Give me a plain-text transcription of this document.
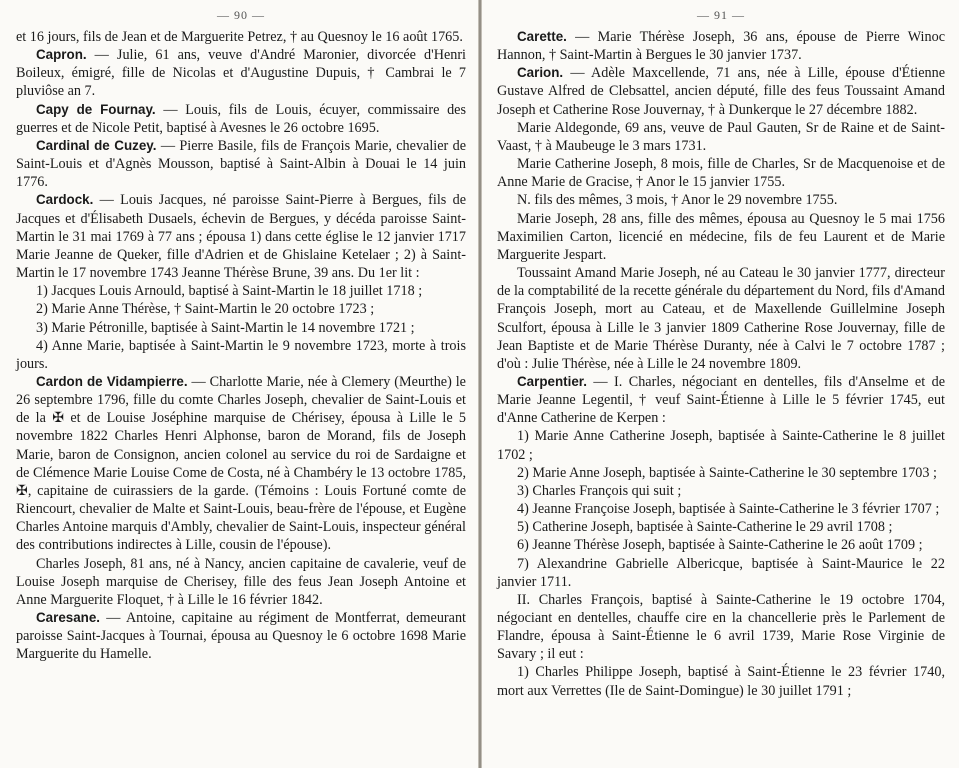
— 90 —

et 16 jours, fils de Jean et de Marguerite Petrez, † au Quesnoy le 16 août 1765.

Capron. — Julie, 61 ans, veuve d'André Maronier, divorcée d'Henri Boileux, émigré, fille de Nicolas et d'Augustine Dupuis, † Cambrai le 7 pluviôse an 7.

Capy de Fournay. — Louis, fils de Louis, écuyer, commissaire des guerres et de Nicole Petit, baptisé à Avesnes le 26 octobre 1695.

Cardinal de Cuzey. — Pierre Basile, fils de François Marie, chevalier de Saint-Louis et d'Agnès Mousson, baptisé à Saint-Albin à Douai le 14 juin 1776.

Cardock. — Louis Jacques, né paroisse Saint-Pierre à Bergues, fils de Jacques et d'Élisabeth Dusaels, échevin de Bergues, y décéda paroisse Saint-Martin le 31 mai 1769 à 77 ans ; épousa 1) dans cette église le 12 janvier 1717 Marie Jeanne de Queker, fille d'Adrien et de Ghislaine Ketelaer ; 2) à Saint-Martin le 17 novembre 1743 Jeanne Thérèse Brune, 39 ans. Du 1er lit :

1) Jacques Louis Arnould, baptisé à Saint-Martin le 18 juillet 1718 ;

2) Marie Anne Thérèse, † Saint-Martin le 20 octobre 1723 ;

3) Marie Pétronille, baptisée à Saint-Martin le 14 novembre 1721 ;

4) Anne Marie, baptisée à Saint-Martin le 9 novembre 1723, morte à trois jours.

Cardon de Vidampierre. — Charlotte Marie, née à Clemery (Meurthe) le 26 septembre 1796, fille du comte Charles Joseph, chevalier de Saint-Louis et de la ✠ et de Louise Joséphine marquise de Chérisey, épousa à Lille le 5 novembre 1822 Charles Henri Alphonse, baron de Morand, fils de Joseph Marie, baron de Consignon, ancien colonel au service du roi de Sardaigne et de Clémence Marie Louise Come de Costa, né à Chambéry le 13 octobre 1785, ✠, capitaine de cuirassiers de la garde. (Témoins : Louis Fortuné comte de Riencourt, chevalier de Malte et Saint-Louis, beau-frère de l'épouse, et Eugène Charles Antoine marquis d'Ambly, chevalier de Saint-Louis, inspecteur général des contributions indirectes à Lille, cousin de l'épouse).

Charles Joseph, 81 ans, né à Nancy, ancien capitaine de cavalerie, veuf de Louise Joseph marquise de Cherisey, fille des feus Jean Joseph Antoine et Anne Marguerite Floquet, † à Lille le 16 février 1842.

Caresane. — Antoine, capitaine au régiment de Montferrat, demeurant paroisse Saint-Jacques à Tournai, épousa au Quesnoy le 6 octobre 1698 Marie Marguerite du Hamelle.

— 91 —

Carette. — Marie Thérèse Joseph, 36 ans, épouse de Pierre Winoc Hannon, † Saint-Martin à Bergues le 30 janvier 1737.

Carion. — Adèle Maxcellende, 71 ans, née à Lille, épouse d'Étienne Gustave Alfred de Clebsattel, ancien député, fille des feus Toussaint Amand Joseph et Catherine Rose Jouvernay, † à Dunkerque le 27 décembre 1882.

Marie Aldegonde, 69 ans, veuve de Paul Gauten, Sr de Raine et de Saint-Vaast, † à Maubeuge le 3 mars 1731.

Marie Catherine Joseph, 8 mois, fille de Charles, Sr de Macquenoise et de Anne Marie de Gracise, † Anor le 15 janvier 1755.

N. fils des mêmes, 3 mois, † Anor le 29 novembre 1755.

Marie Joseph, 28 ans, fille des mêmes, épousa au Quesnoy le 5 mai 1756 Maximilien Carton, licencié en médecine, fils de feu Laurent et de Marie Marguerite Jespart.

Toussaint Amand Marie Joseph, né au Cateau le 30 janvier 1777, directeur de la comptabilité de la recette générale du département du Nord, fils d'Amand François Joseph, mort au Cateau, et de Maxellende Guillelmine Joseph Sculfort, épousa à Lille le 3 janvier 1809 Catherine Rose Jouvernay, fille de Jean Baptiste et de Marie Thérèse Duranty, née à Calvi le 7 octobre 1787 ; d'où : Julie Thérèse, née à Lille le 24 novembre 1809.

Carpentier. — I. Charles, négociant en dentelles, fils d'Anselme et de Marie Jeanne Legentil, † veuf Saint-Étienne à Lille le 5 février 1745, eut d'Anne Catherine de Kerpen :

1) Marie Anne Catherine Joseph, baptisée à Sainte-Catherine le 8 juillet 1702 ;

2) Marie Anne Joseph, baptisée à Sainte-Catherine le 30 septembre 1703 ;

3) Charles François qui suit ;

4) Jeanne Françoise Joseph, baptisée à Sainte-Catherine le 3 février 1707 ;

5) Catherine Joseph, baptisée à Sainte-Catherine le 29 avril 1708 ;

6) Jeanne Thérèse Joseph, baptisée à Sainte-Catherine le 26 août 1709 ;

7) Alexandrine Gabrielle Albericque, baptisée à Saint-Maurice le 22 janvier 1711.

II. Charles François, baptisé à Sainte-Catherine le 19 octobre 1704, négociant en dentelles, chauffe cire en la chancellerie près le Parlement de Flandre, épousa à Saint-Étienne le 6 avril 1739, Marie Rose Virginie de Savary ; il eut :

1) Charles Philippe Joseph, baptisé à Saint-Étienne le 23 février 1740, mort aux Verrettes (Ile de Saint-Domingue) le 30 juillet 1791 ;
